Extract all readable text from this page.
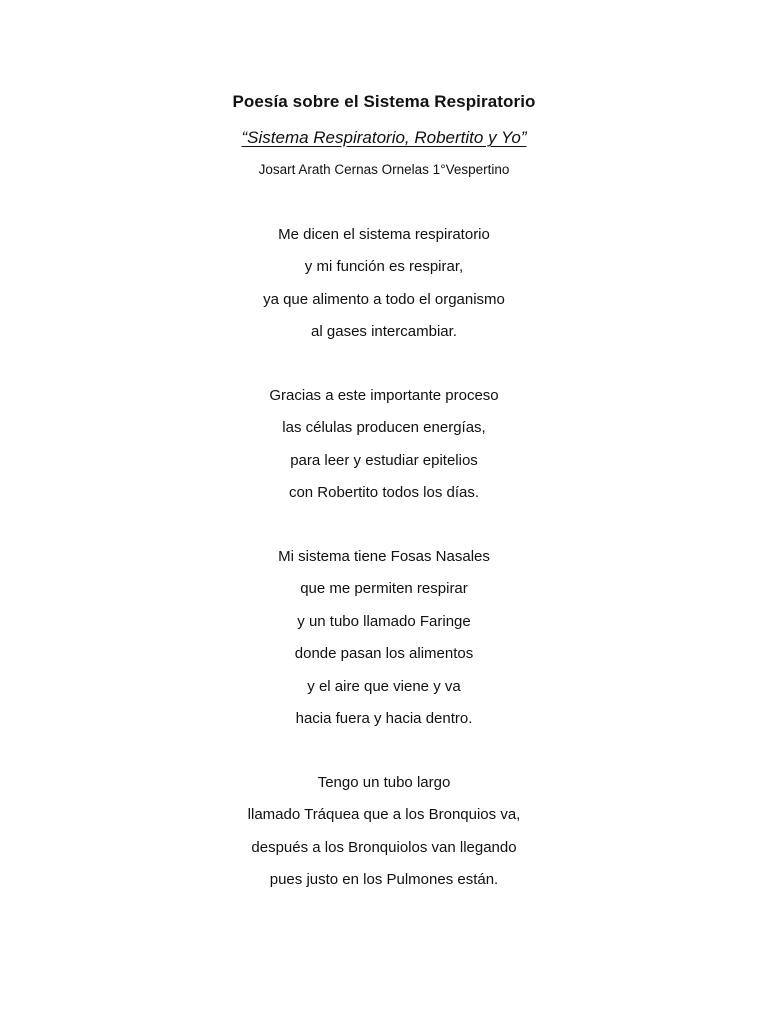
Poesía sobre el Sistema Respiratorio
“Sistema Respiratorio, Robertito y Yo”
Josart Arath Cernas Ornelas 1°Vespertino
Me dicen el sistema respiratorio
y mi función es respirar,
ya que alimento a todo el organismo
al gases intercambiar.
Gracias a este importante proceso
las células producen energías,
para leer y estudiar epitelios
con Robertito todos los días.
Mi sistema tiene Fosas Nasales
que me permiten respirar
y un tubo llamado Faringe
donde pasan los alimentos
y el aire que viene y va
hacia fuera y hacia dentro.
Tengo un tubo largo
llamado Tráquea que a los Bronquios va,
después a los Bronquiolos van llegando
pues justo en los Pulmones están.
